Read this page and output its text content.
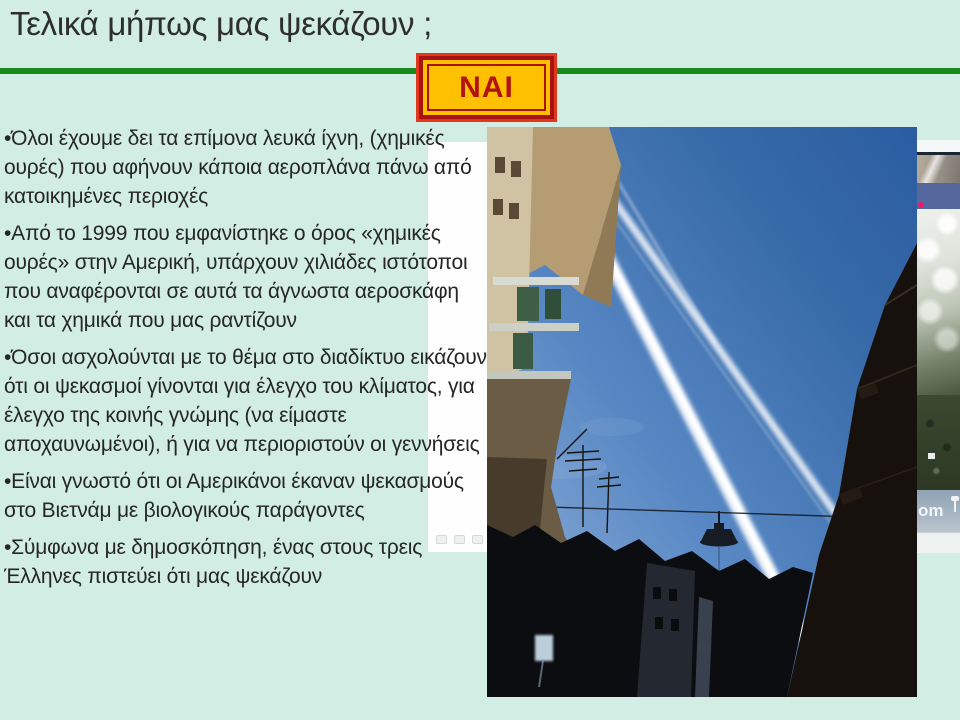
Τελικά μήπως μας ψεκάζουν ;
ΝΑΙ

•Όλοι έχουμε δει τα επίμονα λευκά ίχνη, (χημικές ουρές) που αφήνουν κάποια αεροπλάνα πάνω από κατοικημένες περιοχές

•Από το 1999 που εμφανίστηκε ο όρος «χημικές ουρές» στην Αμερική, υπάρχουν χιλιάδες ιστότοποι που αναφέρονται σε αυτά τα άγνωστα αεροσκάφη και τα χημικά που μας ραντίζουν

•Όσοι ασχολούνται με το θέμα στο διαδίκτυο εικάζουν ότι οι ψεκασμοί γίνονται για έλεγχο του κλίματος, για έλεγχο της κοινής γνώμης (να είμαστε αποχαυνωμένοι), ή για να περιοριστούν οι γεννήσεις

•Είναι γνωστό ότι οι Αμερικάνοι έκαναν ψεκασμούς στο Βιετνάμ με βιολογικούς παράγοντες

•Σύμφωνα με δημοσκόπηση, ένας στους τρεις Έλληνες πιστεύει ότι μας ψεκάζουν

om
